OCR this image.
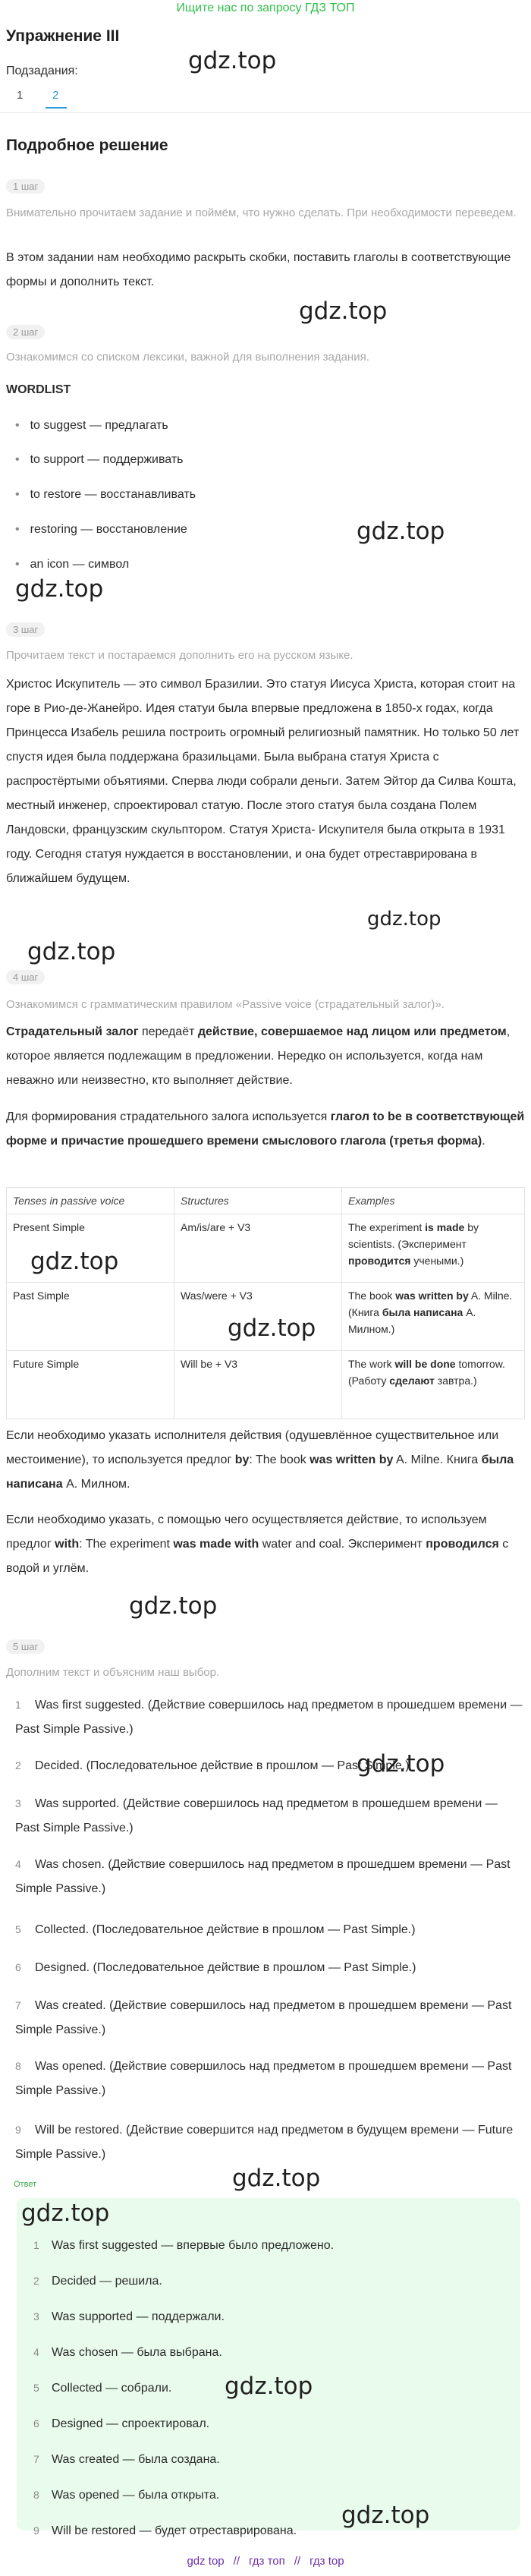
Ищите нас по запросу ГДЗ ТОП
Упражнение III
gdz.top
Подзадания:
1	2
Подробное решение
1 шаг
Внимательно прочитаем задание и поймём, что нужно сделать. При необходимости переведем.
В этом задании нам необходимо раскрыть скобки, поставить глаголы в соответствующие формы и дополнить текст.
gdz.top
2 шаг
Ознакомимся со списком лексики, важной для выполнения задания.
WORDLIST
• to suggest — предлагать
• to support — поддерживать
• to restore — восстанавливать
• restoring — восстановление
• an icon — символ
gdz.top
gdz.top
3 шаг
Прочитаем текст и постараемся дополнить его на русском языке.
Христос Искупитель — это символ Бразилии. Это статуя Иисуса Христа, которая стоит на горе в Рио-де-Жанейро. Идея статуи была впервые предложена в 1850-х годах, когда Принцесса Изабель решила построить огромный религиозный памятник. Но только 50 лет спустя идея была поддержана бразильцами. Была выбрана статуя Христа с распростёртыми объятиями. Сперва люди собрали деньги. Затем Эйтор да Силва Кошта, местный инженер, спроектировал статую. После этого статуя была создана Полем Ландовски, французским скульптором. Статуя Христа- Искупителя была открыта в 1931 году. Сегодня статуя нуждается в восстановлении, и она будет отреставрирована в ближайшем будущем.
gdz.top
gdz.top
4 шаг
Ознакомимся с грамматическим правилом «Passive voice (страдательный залог)».
Страдательный залог передаёт действие, совершаемое над лицом или предметом, которое является подлежащим в предложении. Нередко он используется, когда нам неважно или неизвестно, кто выполняет действие.
Для формирования страдательного залога используется глагол to be в соответствующей форме и причастие прошедшего времени смыслового глагола (третья форма).
Tenses in passive voice	Structures	Examples
Present Simple	Am/is/are + V3	The experiment is made by scientists. (Эксперимент проводится учеными.)
Past Simple	Was/were + V3	The book was written by A. Milne. (Книга была написана А. Милном.)
Future Simple	Will be + V3	The work will be done tomorrow. (Работу сделают завтра.)
gdz.top
gdz.top
Если необходимо указать исполнителя действия (одушевлённое существительное или местоимение), то используется предлог by: The book was written by A. Milne. Книга была написана А. Милном.
Если необходимо указать, с помощью чего осуществляется действие, то используем предлог with: The experiment was made with water and coal. Эксперимент проводился с водой и углём.
gdz.top
5 шаг
Дополним текст и объясним наш выбор.
1 Was first suggested. (Действие совершилось над предметом в прошедшем времени — Past Simple Passive.)
2 Decided. (Последовательное действие в прошлом — Past Simple.)
gdz.top
3 Was supported. (Действие совершилось над предметом в прошедшем времени — Past Simple Passive.)
4 Was chosen. (Действие совершилось над предметом в прошедшем времени — Past Simple Passive.)
5 Collected. (Последовательное действие в прошлом — Past Simple.)
6 Designed. (Последовательное действие в прошлом — Past Simple.)
7 Was created. (Действие совершилось над предметом в прошедшем времени — Past Simple Passive.)
8 Was opened. (Действие совершилось над предметом в прошедшем времени — Past Simple Passive.)
9 Will be restored. (Действие совершится над предметом в будущем времени — Future Simple Passive.)
gdz.top
Ответ
gdz.top
1 Was first suggested — впервые было предложено.
2 Decided — решила.
3 Was supported — поддержали.
4 Was chosen — была выбрана.
5 Collected — собрали. gdz.top
6 Designed — спроектировал.
7 Was created — была создана.
8 Was opened — была открыта.
9 Will be restored — будет отреставрирована.
gdz.top
gdz top // гдз топ // гдз top
